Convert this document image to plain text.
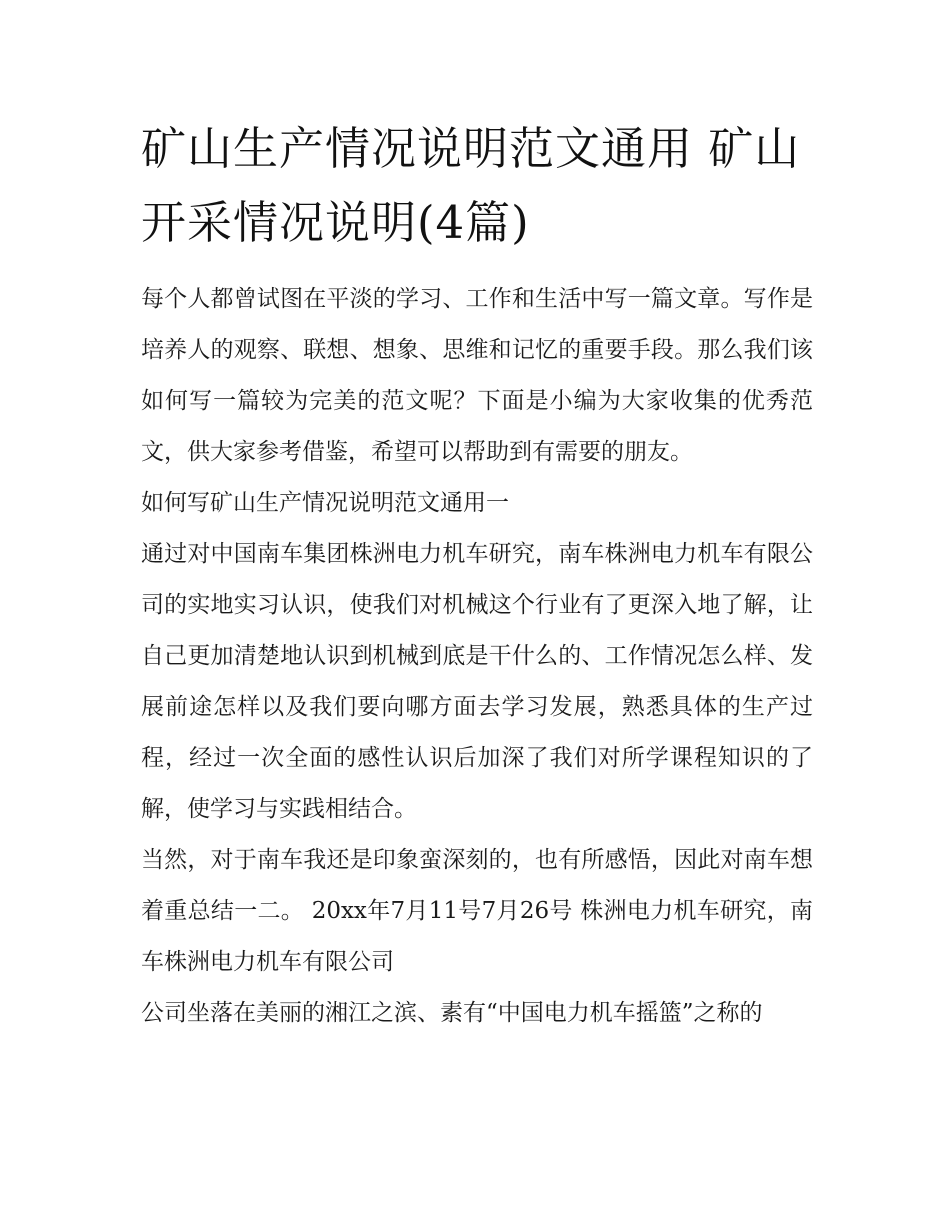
矿山生产情况说明范文通用 矿山开采情况说明(4篇)

每个人都曾试图在平淡的学习、工作和生活中写一篇文章。写作是培养人的观察、联想、想象、思维和记忆的重要手段。那么我们该如何写一篇较为完美的范文呢？下面是小编为大家收集的优秀范文，供大家参考借鉴，希望可以帮助到有需要的朋友。

如何写矿山生产情况说明范文通用一

通过对中国南车集团株洲电力机车研究，南车株洲电力机车有限公司的实地实习认识，使我们对机械这个行业有了更深入地了解，让自己更加清楚地认识到机械到底是干什么的、工作情况怎么样、发展前途怎样以及我们要向哪方面去学习发展，熟悉具体的生产过程，经过一次全面的感性认识后加深了我们对所学课程知识的了解，使学习与实践相结合。

当然，对于南车我还是印象蛮深刻的，也有所感悟，因此对南车想着重总结一二。 20xx年7月11号7月26号 株洲电力机车研究，南车株洲电力机车有限公司

公司坐落在美丽的湘江之滨、素有“中国电力机车摇篮”之称的
